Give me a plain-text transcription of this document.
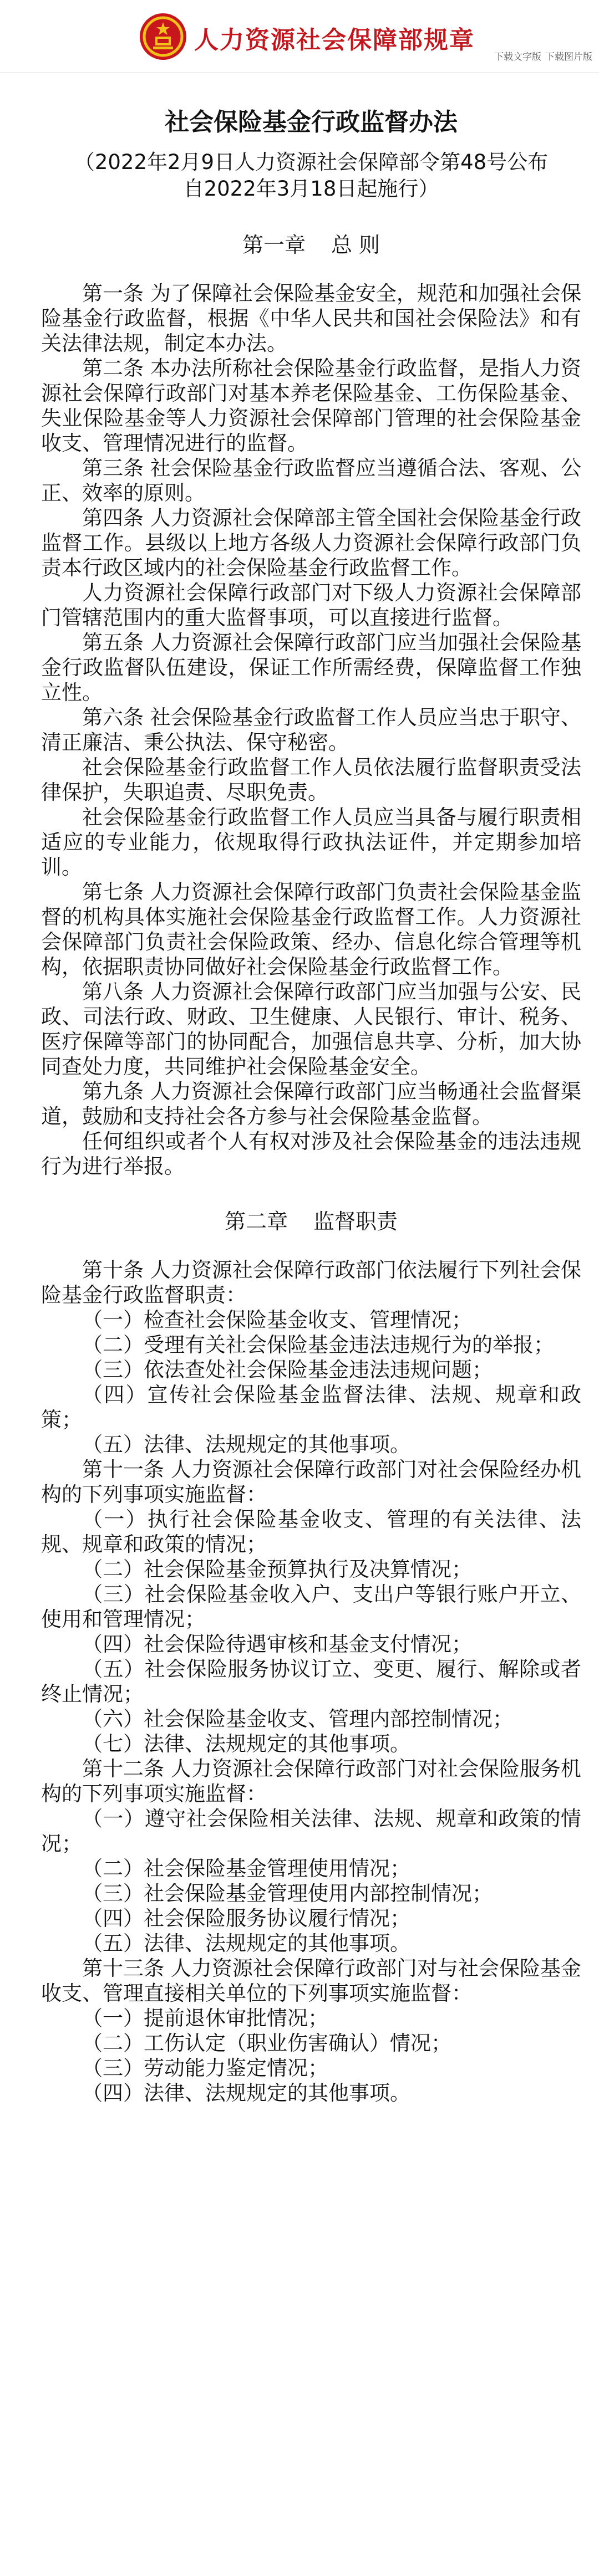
人力资源社会保障部规章
下载文字版 下载图片版
社会保险基金行政监督办法
（2022年2月9日人力资源社会保障部令第48号公布
自2022年3月18日起施行）
第一章 总 则

第一条 为了保障社会保险基金安全，规范和加强社会保险基金行政监督，根据《中华人民共和国社会保险法》和有关法律法规，制定本办法。

第二条 本办法所称社会保险基金行政监督，是指人力资源社会保障行政部门对基本养老保险基金、工伤保险基金、失业保险基金等人力资源社会保障部门管理的社会保险基金收支、管理情况进行的监督。

第三条 社会保险基金行政监督应当遵循合法、客观、公正、效率的原则。

第四条 人力资源社会保障部主管全国社会保险基金行政监督工作。县级以上地方各级人力资源社会保障行政部门负责本行政区域内的社会保险基金行政监督工作。

人力资源社会保障行政部门对下级人力资源社会保障部门管辖范围内的重大监督事项，可以直接进行监督。

第五条 人力资源社会保障行政部门应当加强社会保险基金行政监督队伍建设，保证工作所需经费，保障监督工作独立性。

第六条 社会保险基金行政监督工作人员应当忠于职守、清正廉洁、秉公执法、保守秘密。

社会保险基金行政监督工作人员依法履行监督职责受法律保护，失职追责、尽职免责。

社会保险基金行政监督工作人员应当具备与履行职责相适应的专业能力，依规取得行政执法证件，并定期参加培训。

第七条 人力资源社会保障行政部门负责社会保险基金监督的机构具体实施社会保险基金行政监督工作。人力资源社会保障部门负责社会保险政策、经办、信息化综合管理等机构，依据职责协同做好社会保险基金行政监督工作。

第八条 人力资源社会保障行政部门应当加强与公安、民政、司法行政、财政、卫生健康、人民银行、审计、税务、医疗保障等部门的协同配合，加强信息共享、分析，加大协同查处力度，共同维护社会保险基金安全。

第九条 人力资源社会保障行政部门应当畅通社会监督渠道，鼓励和支持社会各方参与社会保险基金监督。

任何组织或者个人有权对涉及社会保险基金的违法违规行为进行举报。

第二章 监督职责

第十条 人力资源社会保障行政部门依法履行下列社会保险基金行政监督职责：

（一）检查社会保险基金收支、管理情况；

（二）受理有关社会保险基金违法违规行为的举报；

（三）依法查处社会保险基金违法违规问题；

（四）宣传社会保险基金监督法律、法规、规章和政策；

（五）法律、法规规定的其他事项。

第十一条 人力资源社会保障行政部门对社会保险经办机构的下列事项实施监督：

（一）执行社会保险基金收支、管理的有关法律、法规、规章和政策的情况；

（二）社会保险基金预算执行及决算情况；

（三）社会保险基金收入户、支出户等银行账户开立、使用和管理情况；

（四）社会保险待遇审核和基金支付情况；

（五）社会保险服务协议订立、变更、履行、解除或者终止情况；

（六）社会保险基金收支、管理内部控制情况；

（七）法律、法规规定的其他事项。

第十二条 人力资源社会保障行政部门对社会保险服务机构的下列事项实施监督：

（一）遵守社会保险相关法律、法规、规章和政策的情况；

（二）社会保险基金管理使用情况；

（三）社会保险基金管理使用内部控制情况；

（四）社会保险服务协议履行情况；

（五）法律、法规规定的其他事项。

第十三条 人力资源社会保障行政部门对与社会保险基金收支、管理直接相关单位的下列事项实施监督：

（一）提前退休审批情况；

（二）工伤认定（职业伤害确认）情况；

（三）劳动能力鉴定情况；

（四）法律、法规规定的其他事项。
